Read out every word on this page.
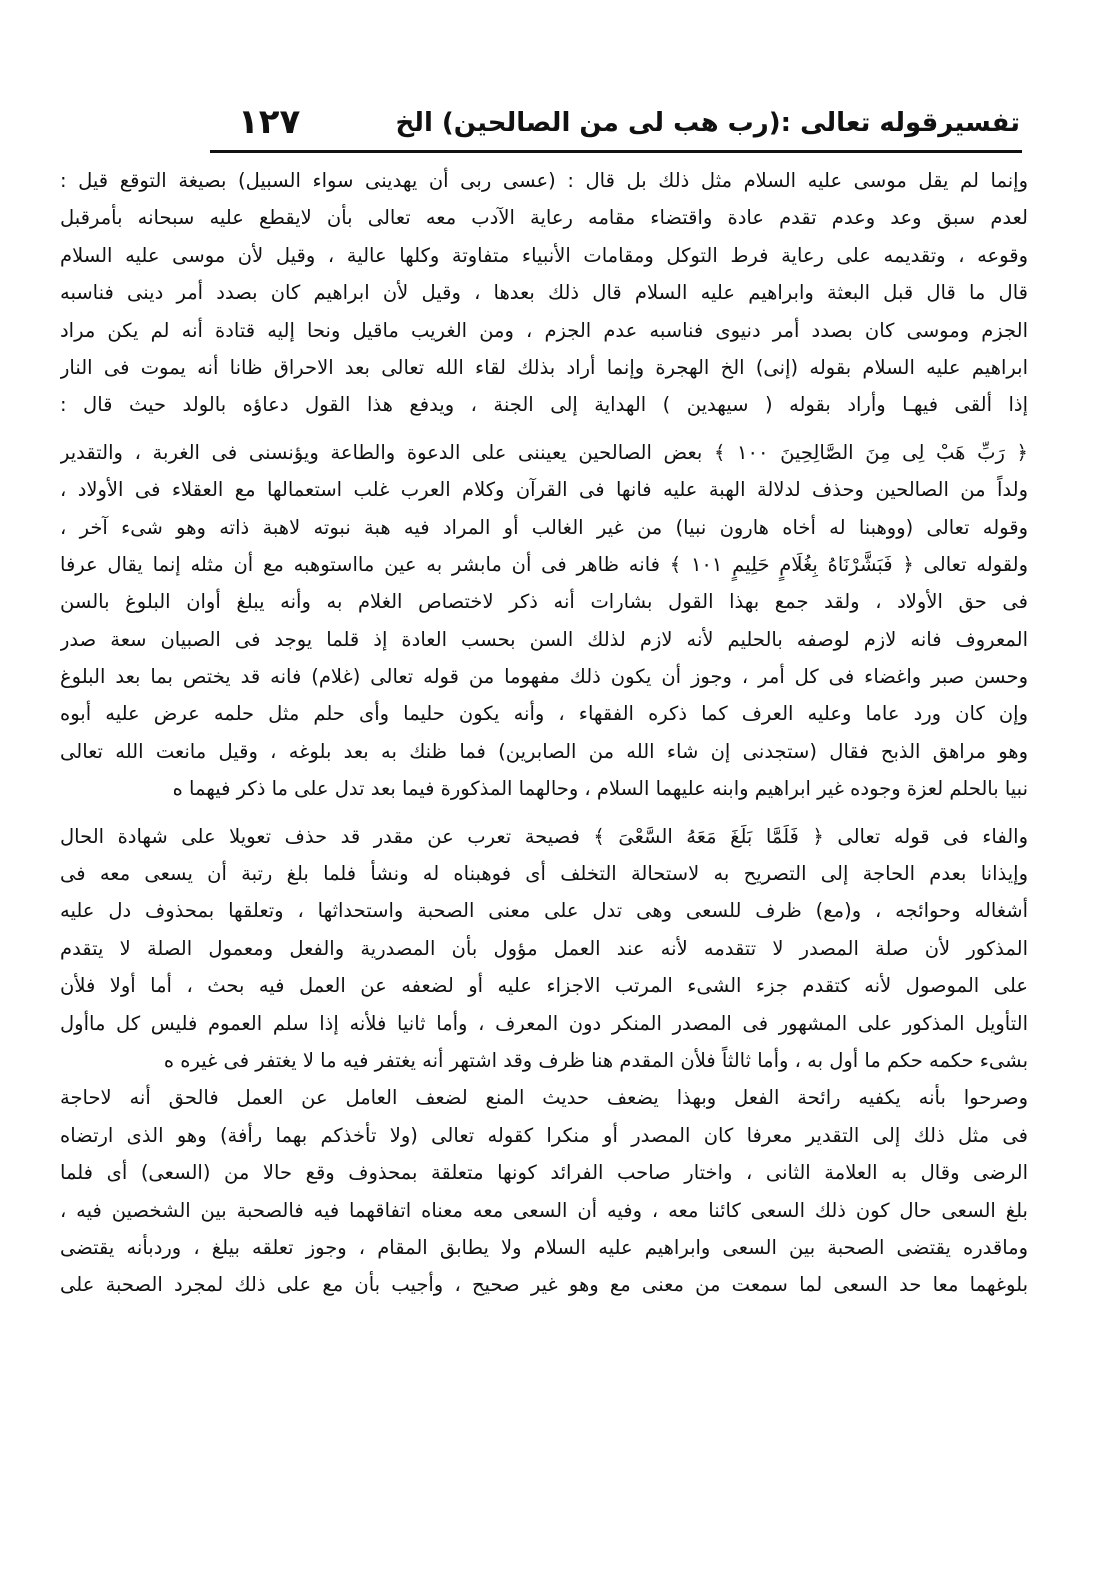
تفسيرقوله تعالى :(رب هب لى من الصالحين) الخ
١٢٧
وإنما لم يقل موسى عليه السلام مثل ذلك بل قال : (عسى ربى أن يهدينى سواء السبيل) بصيغة التوقع قيل :
لعدم سبق وعد وعدم تقدم عادة واقتضاء مقامه رعاية الآدب معه تعالى بأن لايقطع عليه سبحانه بأمرقبل
وقوعه ، وتقديمه على رعاية فرط التوكل ومقامات الأنبياء متفاوتة وكلها عالية ، وقيل لأن موسى عليه السلام
قال ما قال قبل البعثة وابراهيم عليه السلام قال ذلك بعدها ، وقيل لأن ابراهيم كان بصدد أمر دينى فناسبه
الجزم وموسى كان بصدد أمر دنيوى فناسبه عدم الجزم ، ومن الغريب ماقيل ونحا إليه قتادة أنه لم يكن مراد
ابراهيم عليه السلام بقوله (إنى) الخ الهجرة وإنما أراد بذلك لقاء الله تعالى بعد الاحراق ظانا أنه يموت فى النار
إذا ألقى فيهـا وأراد بقوله ( سيهدين ) الهداية إلى الجنة ، ويدفع هذا القول دعاؤه بالولد حيث قال :
﴿ رَبِّ هَبْ لِى مِنَ الصَّالِحِينَ ١٠٠ ﴾ بعض الصالحين يعيننى على الدعوة والطاعة ويؤنسنى فى الغربة ، والتقدير
ولداً من الصالحين وحذف لدلالة الهبة عليه فانها فى القرآن وكلام العرب غلب استعمالها مع العقلاء فى الأولاد ،
وقوله تعالى (ووهبنا له أخاه هارون نبيا) من غير الغالب أو المراد فيه هبة نبوته لاهبة ذاته وهو شىء آخر ،
ولقوله تعالى ﴿ فَبَشَّرْنَاهُ بِغُلَامٍ حَلِيمٍ ١٠١ ﴾ فانه ظاهر فى أن مابشر به عين مااستوهبه مع أن مثله إنما يقال عرفا
فى حق الأولاد ، ولقد جمع بهذا القول بشارات أنه ذكر لاختصاص الغلام به وأنه يبلغ أوان البلوغ بالسن
المعروف فانه لازم لوصفه بالحليم لأنه لازم لذلك السن بحسب العادة إذ قلما يوجد فى الصبيان سعة صدر
وحسن صبر واغضاء فى كل أمر ، وجوز أن يكون ذلك مفهوما من قوله تعالى (غلام) فانه قد يختص بما بعد البلوغ
وإن كان ورد عاما وعليه العرف كما ذكره الفقهاء ، وأنه يكون حليما وأى حلم مثل حلمه عرض عليه أبوه
وهو مراهق الذبح فقال (ستجدنى إن شاء الله من الصابرين) فما ظنك به بعد بلوغه ، وقيل مانعت الله تعالى
نبيا بالحلم لعزة وجوده غير ابراهيم وابنه عليهما السلام ، وحالهما المذكورة فيما بعد تدل على ما ذكر فيهما ه
والفاء فى قوله تعالى ﴿ فَلَمَّا بَلَغَ مَعَهُ السَّعْىَ ﴾ فصيحة تعرب عن مقدر قد حذف تعويلا على شهادة الحال
وإيذانا بعدم الحاجة إلى التصريح به لاستحالة التخلف أى فوهبناه له ونشأ فلما بلغ رتبة أن يسعى معه فى
أشغاله وحوائجه ، و(مع) ظرف للسعى وهى تدل على معنى الصحبة واستحداثها ، وتعلقها بمحذوف دل عليه
المذكور لأن صلة المصدر لا تتقدمه لأنه عند العمل مؤول بأن المصدرية والفعل ومعمول الصلة لا يتقدم
على الموصول لأنه كتقدم جزء الشىء المرتب الاجزاء عليه أو لضعفه عن العمل فيه بحث ، أما أولا فلأن
التأويل المذكور على المشهور فى المصدر المنكر دون المعرف ، وأما ثانيا فلأنه إذا سلم العموم فليس كل ماأول
بشىء حكمه حكم ما أول به ، وأما ثالثاً فلأن المقدم هنا ظرف وقد اشتهر أنه يغتفر فيه ما لا يغتفر فى غيره ه
وصرحوا بأنه يكفيه رائحة الفعل وبهذا يضعف حديث المنع لضعف العامل عن العمل فالحق أنه لاحاجة
فى مثل ذلك إلى التقدير معرفا كان المصدر أو منكرا كقوله تعالى (ولا تأخذكم بهما رأفة) وهو الذى ارتضاه
الرضى وقال به العلامة الثانى ، واختار صاحب الفرائد كونها متعلقة بمحذوف وقع حالا من (السعى) أى فلما
بلغ السعى حال كون ذلك السعى كائنا معه ، وفيه أن السعى معه معناه اتفاقهما فيه فالصحبة بين الشخصين فيه ،
وماقدره يقتضى الصحبة بين السعى وابراهيم عليه السلام ولا يطابق المقام ، وجوز تعلقه بيلغ ، وردبأنه يقتضى
بلوغهما معا حد السعى لما سمعت من معنى مع وهو غير صحيح ، وأجيب بأن مع على ذلك لمجرد الصحبة على
